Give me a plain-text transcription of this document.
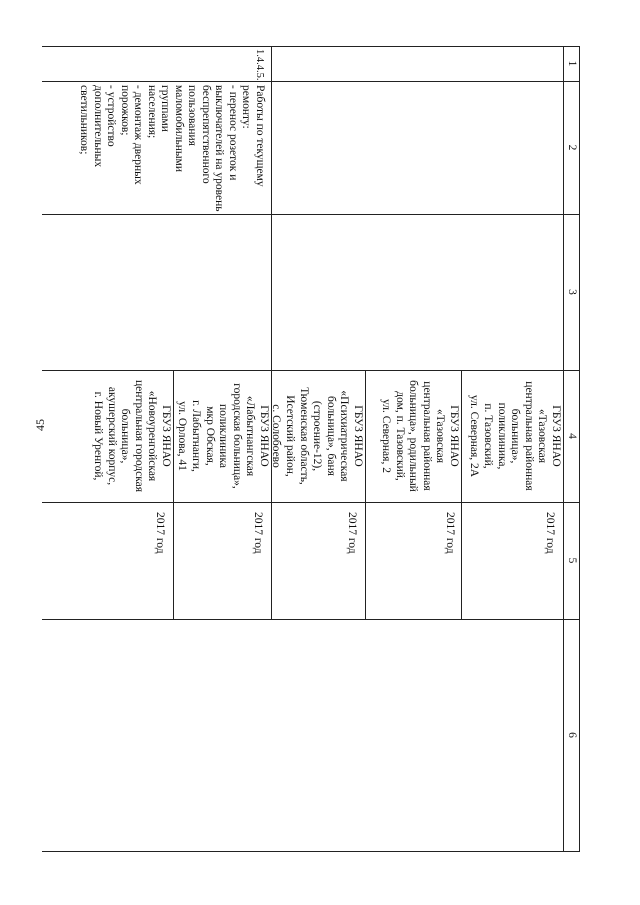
45
1
2
3
4
5
6
ГБУЗ ЯНАО
«Тазовская
центральная районная
больница»,
поликлиника,
п. Тазовский,
ул. Северная, 2А
ГБУЗ ЯНАО
«Тазовская
центральная районная
больница», родильный
дом, п. Тазовский,
ул. Северная, 2
ГБУЗ ЯНАО
«Психиатрическая
больница», баня
(строение-12),
Тюменская область,
Исетский район,
с. Солобоево
ГБУЗ ЯНАО
«Лабытнангская
городская больница»,
поликлиника
мкр Обская,
г. Лабытнанги,
ул. Орлова, 41
ГБУЗ ЯНАО
«Новоуренгойская
центральная городская
больница»,
акушерский корпус,
г. Новый Уренгой,
2017 год
2017 год
2017 год
2017 год
2017 год
1.4.4.5.
Работы по текущему
ремонту:
- перенос розеток и
выключателей на уровень
беспрепятственного
пользования
маломобильными группами
населения;
- демонтаж дверных
порожков;
- устройство
дополнительных
светильников;
